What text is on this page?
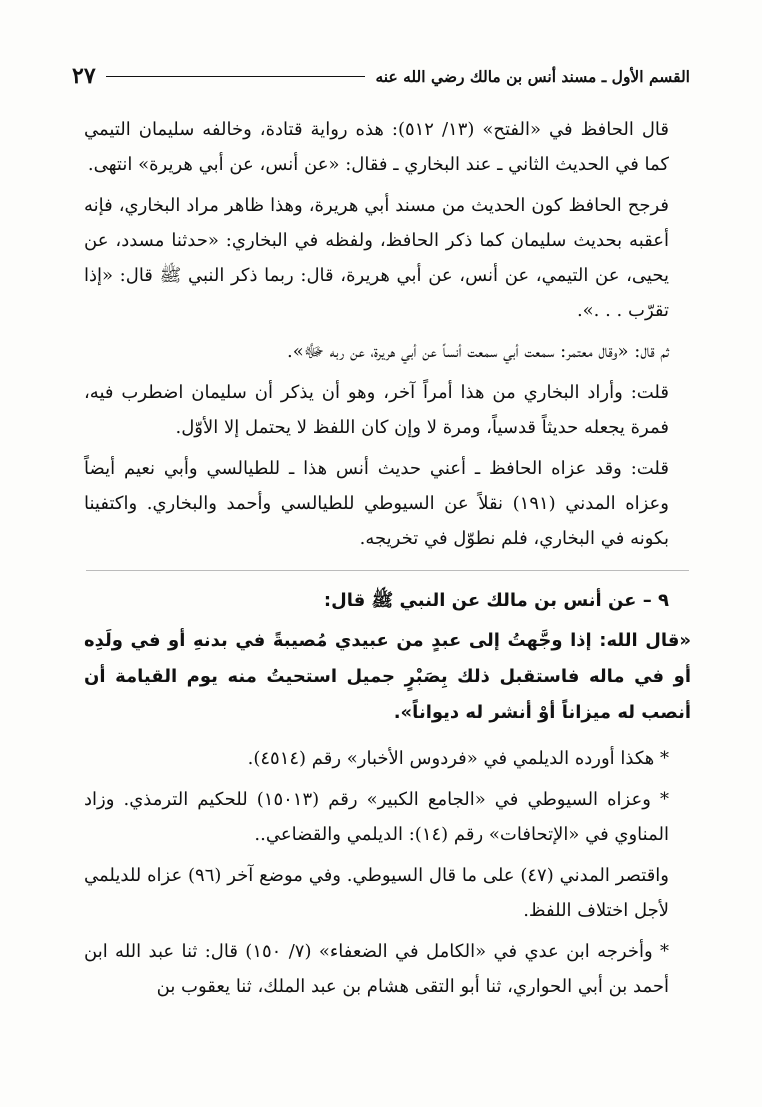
القسم الأول ـ مسند أنس بن مالك رضي الله عنه
٢٧

قال الحافظ في «الفتح» (١٣/ ٥١٢): هذه رواية قتادة، وخالفه سليمان التيمي كما في الحديث الثاني ـ عند البخاري ـ فقال: «عن أنس، عن أبي هريرة» انتهى.

فرجح الحافظ كون الحديث من مسند أبي هريرة، وهذا ظاهر مراد البخاري، فإنه أعقبه بحديث سليمان كما ذكر الحافظ، ولفظه في البخاري: «حدثنا مسدد، عن يحيى، عن التيمي، عن أنس، عن أبي هريرة، قال: ربما ذكر النبي ﷺ قال: «إذا تقرّب . . .».

ثم قال: «وقال معتمر: سمعت أبي سمعت أنساً عن أبي هريرة، عن ربه ﷻ».

قلت: وأراد البخاري من هذا أمراً آخر، وهو أن يذكر أن سليمان اضطرب فيه، فمرة يجعله حديثاً قدسياً، ومرة لا وإن كان اللفظ لا يحتمل إلا الأوّل.

قلت: وقد عزاه الحافظ ـ أعني حديث أنس هذا ـ للطيالسي وأبي نعيم أيضاً وعزاه المدني (١٩١) نقلاً عن السيوطي للطيالسي وأحمد والبخاري. واكتفينا بكونه في البخاري، فلم نطوّل في تخريجه.

٩ – عن أنس بن مالك عن النبي ﷺ قال:

«قال الله: إذا وجَّهتُ إلى عبدٍ من عبيدي مُصيبةً في بدنهِ أو في ولَدِه أو في ماله فاستقبل ذلك بِصَبْرٍ جميل استحيتُ منه يوم القيامة أن أنصب له ميزاناً أوْ أنشر له ديواناً».

* هكذا أورده الديلمي في «فردوس الأخبار» رقم (٤٥١٤).

* وعزاه السيوطي في «الجامع الكبير» رقم (١٥٠١٣) للحكيم الترمذي. وزاد المناوي في «الإتحافات» رقم (١٤): الديلمي والقضاعي..

واقتصر المدني (٤٧) على ما قال السيوطي. وفي موضع آخر (٩٦) عزاه للديلمي لأجل اختلاف اللفظ.

* وأخرجه ابن عدي في «الكامل في الضعفاء» (٧/ ١٥٠) قال: ثنا عبد الله ابن أحمد بن أبي الحواري، ثنا أبو التقى هشام بن عبد الملك، ثنا يعقوب بن
